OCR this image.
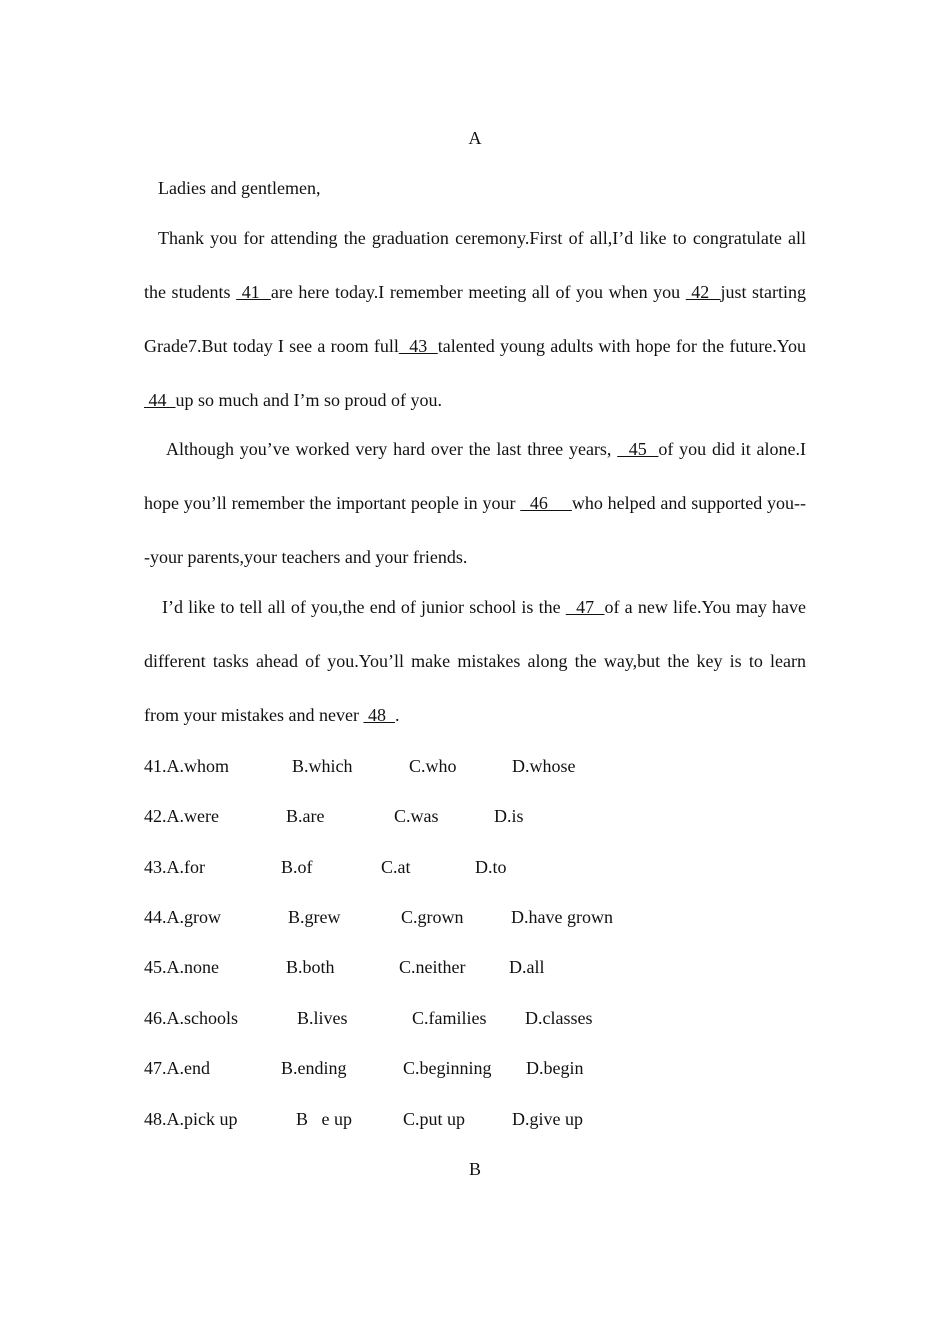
A

Ladies and gentlemen,

Thank you for attending the graduation ceremony.First of all,I’d like to congratulate all the students  41  are here today.I remember meeting all of you when you  42  just starting Grade7.But today I see a room full  43  talented young adults with hope for the future.You  44  up so much and I’m so proud of you.

Although you’ve worked very hard over the last three years,   45  of you did it alone.I hope you’ll remember the important people in your   46     who helped and supported you---your parents,your teachers and your friends.

I’d like to tell all of you,the end of junior school is the   47  of a new life.You may have different tasks ahead of you.You’ll make mistakes along the way,but the key is to learn from your mistakes and never  48  .

41.A.whom	B.which	C.who	D.whose
42.A.were	B.are	C.was	D.is
43.A.for	B.of	C.at	D.to
44.A.grow	B.grew	C.grown	D.have grown
45.A.none	B.both	C.neither D.all
46.A.schools	B.lives	C.families D.classes
47.A.end	B.ending	C.beginning D.begin
48.A.pick up	B   e up	C.put up	D.give up
B
